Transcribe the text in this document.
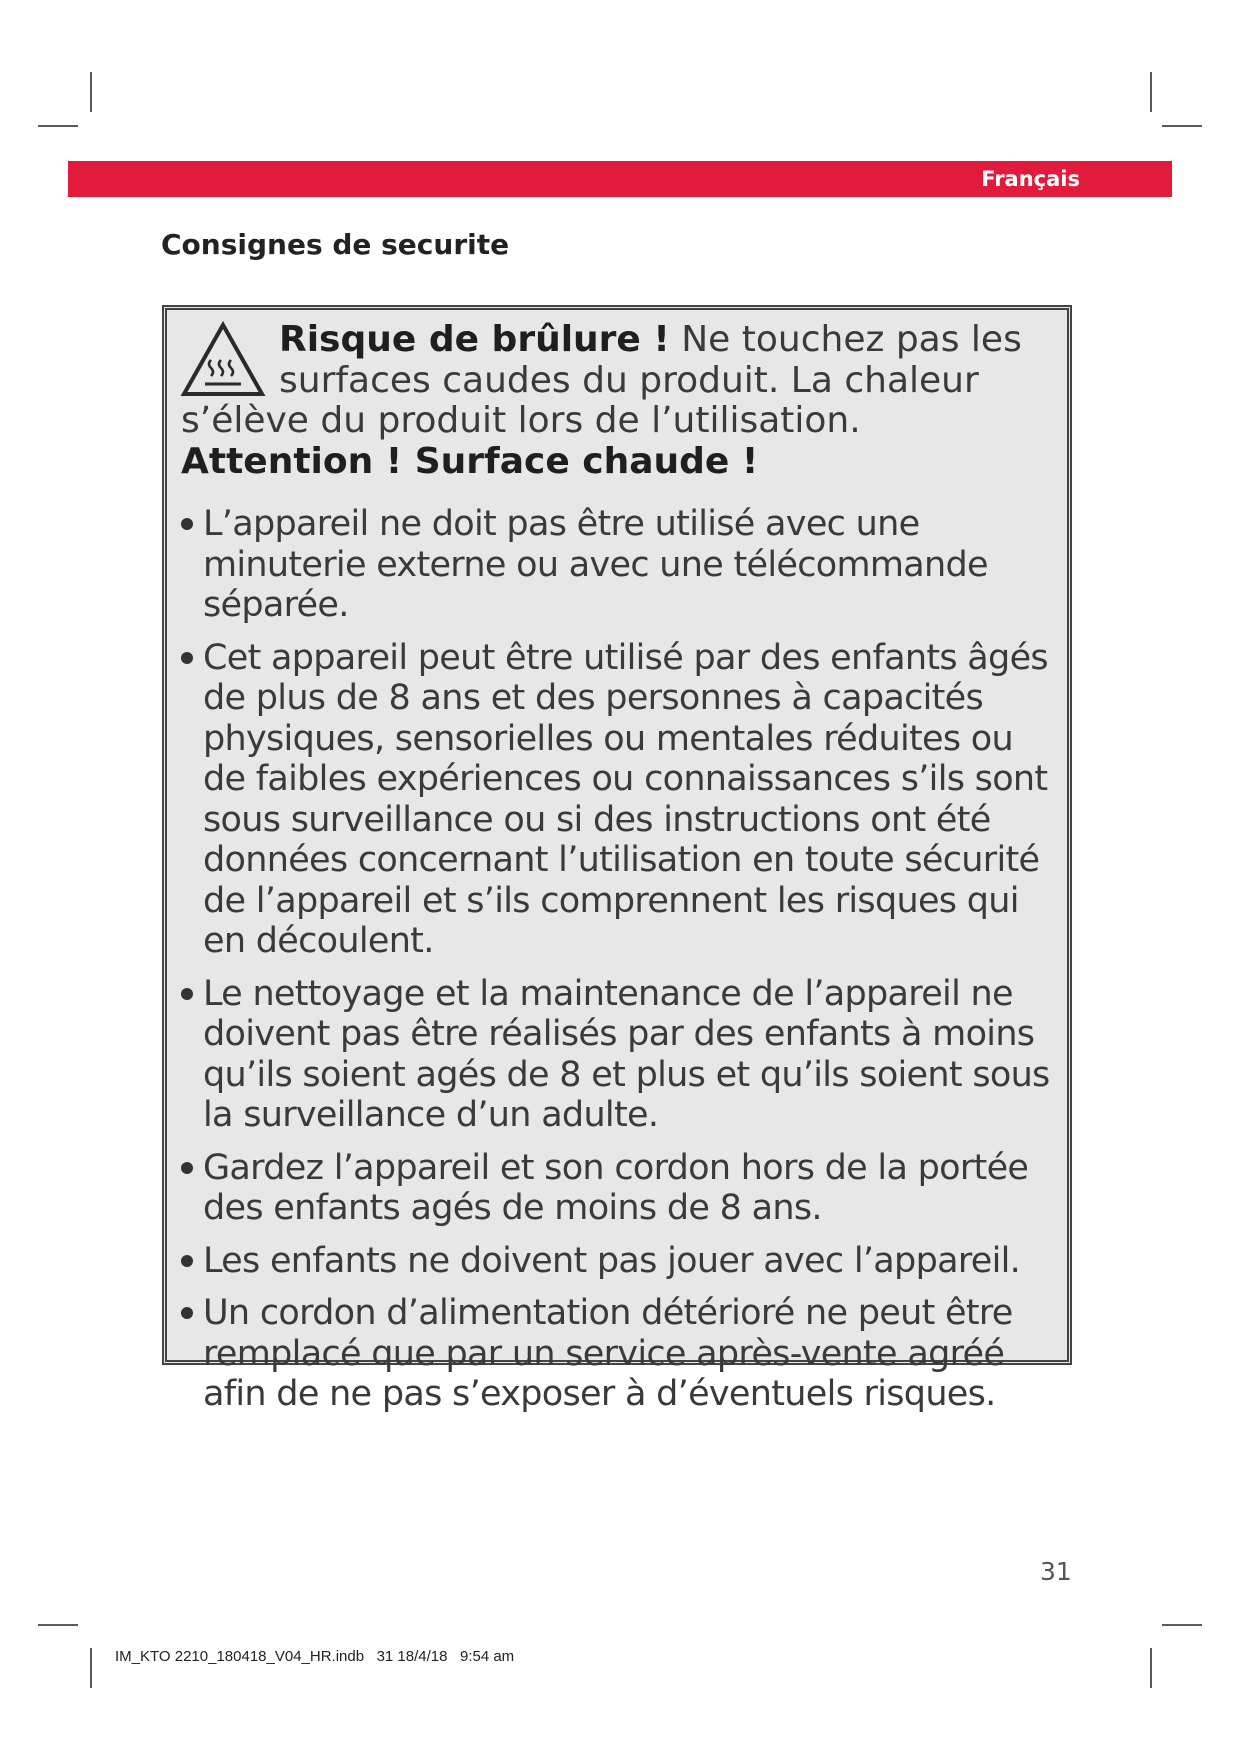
Français
Consignes de securite

Risque de brûlure ! Ne touchez pas les surfaces caudes du produit. La chaleur s’élève du produit lors de l’utilisation. Attention ! Surface chaude !

L’appareil ne doit pas être utilisé avec une minuterie externe ou avec une télécommande séparée.
Cet appareil peut être utilisé par des enfants âgés de plus de 8 ans et des personnes à capacités physiques, sensorielles ou mentales réduites ou de faibles expériences ou connaissances s’ils sont sous surveillance ou si des instructions ont été données concernant l’utilisation en toute sécurité de l’appareil et s’ils comprennent les risques qui en découlent.
Le nettoyage et la maintenance de l’appareil ne doivent pas être réalisés par des enfants à moins qu’ils soient agés de 8 et plus et qu’ils soient sous la surveillance d’un adulte.
Gardez l’appareil et son cordon hors de la portée des enfants agés de moins de 8 ans.
Les enfants ne doivent pas jouer avec l’appareil.
Un cordon d’alimentation détérioré ne peut être remplacé que par un service après-vente agréé afin de ne pas s’exposer à d’éventuels risques.
31
IM_KTO 2210_180418_V04_HR.indb   31 18/4/18   9:54 am
